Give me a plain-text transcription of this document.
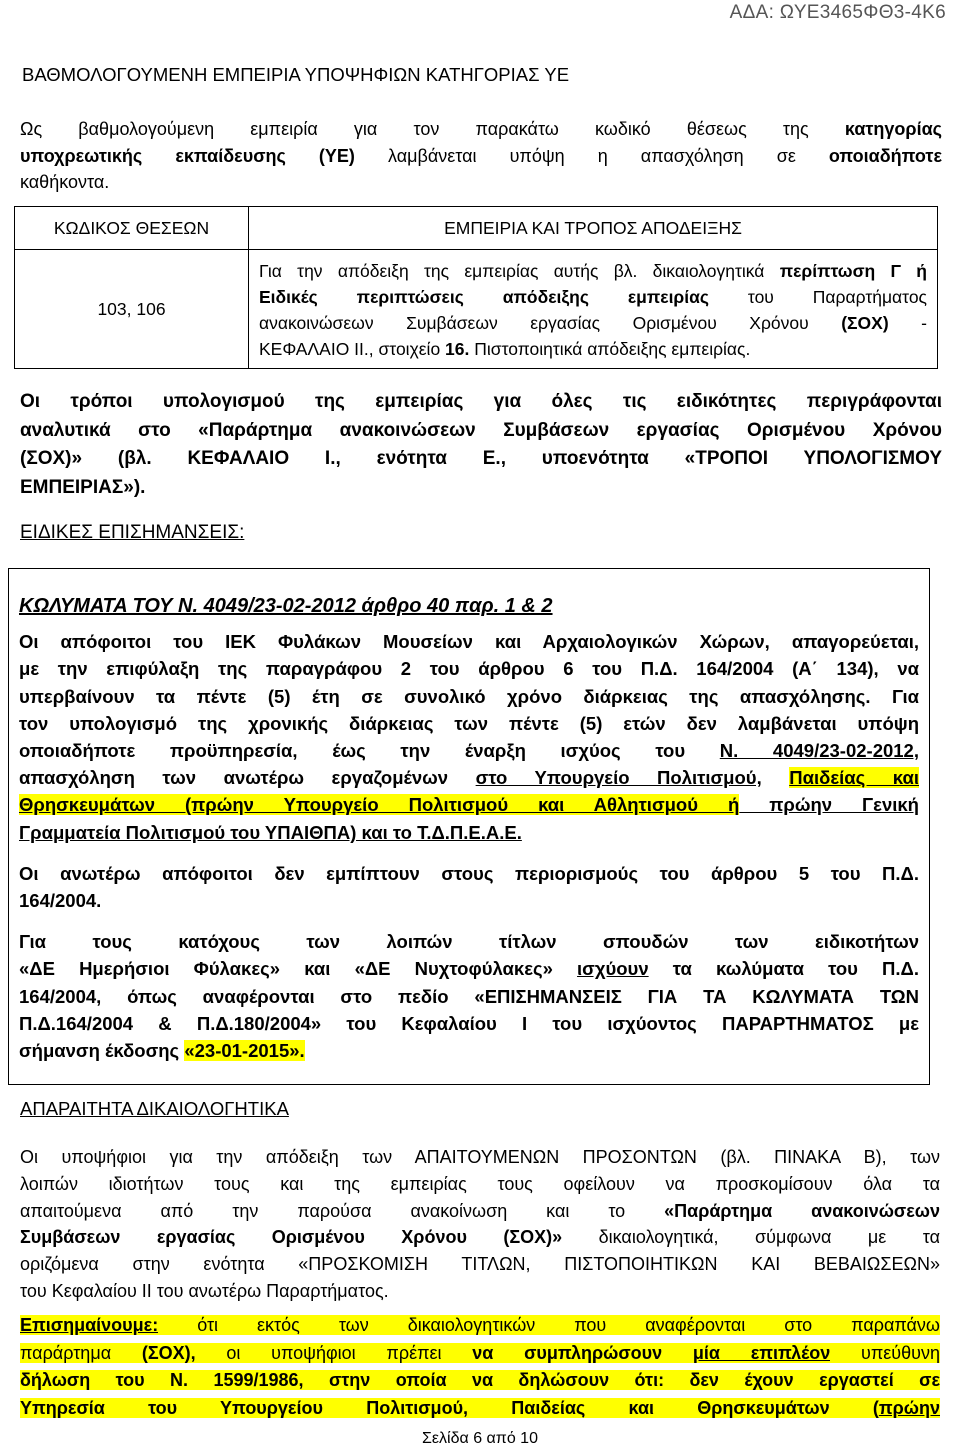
ΑΔΑ: ΩΥΕ3465ΦΘ3-4Κ6
ΒΑΘΜΟΛΟΓΟΥΜΕΝΗ ΕΜΠΕΙΡΙΑ ΥΠΟΨΗΦΙΩΝ ΚΑΤΗΓΟΡΙΑΣ ΥΕ
Ως βαθμολογούμενη εμπειρία για τον παρακάτω κωδικό θέσεως της κατηγορίας
υποχρεωτικής εκπαίδευσης (ΥΕ) λαμβάνεται υπόψη η απασχόληση σε οποιαδήποτε
καθήκοντα.
ΚΩΔΙΚΟΣ ΘΕΣΕΩΝ	ΕΜΠΕΙΡΙΑ ΚΑΙ ΤΡΟΠΟΣ ΑΠΟΔΕΙΞΗΣ
103, 106	Για την απόδειξη της εμπειρίας αυτής βλ. δικαιολογητικά περίπτωση Γ ή
Ειδικές περιπτώσεις απόδειξης εμπειρίας του Παραρτήματος
ανακοινώσεων Συμβάσεων εργασίας Ορισμένου Χρόνου (ΣΟΧ) -
ΚΕΦΑΛΑΙΟ ΙΙ., στοιχείο 16. Πιστοποιητικά απόδειξης εμπειρίας.
Οι τρόποι υπολογισμού της εμπειρίας για όλες τις ειδικότητες περιγράφονται
αναλυτικά στο «Παράρτημα ανακοινώσεων Συμβάσεων εργασίας Ορισμένου Χρόνου
(ΣΟΧ)» (βλ. ΚΕΦΑΛΑΙΟ Ι., ενότητα Ε., υποενότητα «ΤΡΟΠΟΙ ΥΠΟΛΟΓΙΣΜΟΥ
ΕΜΠΕΙΡΙΑΣ»).
ΕΙΔΙΚΕΣ ΕΠΙΣΗΜΑΝΣΕΙΣ:
ΚΩΛΥΜΑΤΑ ΤΟΥ Ν. 4049/23-02-2012 άρθρο 40 παρ. 1 & 2
Οι απόφοιτοι του ΙΕΚ Φυλάκων Μουσείων και Αρχαιολογικών Χώρων, απαγορεύεται,
με την επιφύλαξη της παραγράφου 2 του άρθρου 6 του Π.Δ. 164/2004 (Α΄ 134), να
υπερβαίνουν τα πέντε (5) έτη σε συνολικό χρόνο διάρκειας της απασχόλησης. Για
τον υπολογισμό της χρονικής διάρκειας των πέντε (5) ετών δεν λαμβάνεται υπόψη
οποιαδήποτε προϋπηρεσία, έως την έναρξη ισχύος του Ν. 4049/23-02-2012,
απασχόληση των ανωτέρω εργαζομένων στο Υπουργείο Πολιτισμού, Παιδείας και
Θρησκευμάτων (πρώην Υπουργείο Πολιτισμού και Αθλητισμού ή πρώην Γενική
Γραμματεία Πολιτισμού του ΥΠΑΙΘΠΑ) και το Τ.Δ.Π.Ε.Α.Ε.
Οι ανωτέρω απόφοιτοι δεν εμπίπτουν στους περιορισμούς του άρθρου 5 του Π.Δ.
164/2004.
Για τους κατόχους των λοιπών τίτλων σπουδών των ειδικοτήτων
«ΔΕ Ημερήσιοι Φύλακες» και «ΔΕ Νυχτοφύλακες» ισχύουν τα κωλύματα του Π.Δ.
164/2004, όπως αναφέρονται στο πεδίο «ΕΠΙΣΗΜΑΝΣΕΙΣ ΓΙΑ ΤΑ ΚΩΛΥΜΑΤΑ ΤΩΝ
Π.Δ.164/2004 & Π.Δ.180/2004» του Κεφαλαίου Ι του ισχύοντος ΠΑΡΑΡΤΗΜΑΤΟΣ με
σήμανση έκδοσης «23-01-2015».
ΑΠΑΡΑΙΤΗΤΑ ΔΙΚΑΙΟΛΟΓΗΤΙΚΑ
Οι υποψήφιοι για την απόδειξη των ΑΠΑΙΤΟΥΜΕΝΩΝ ΠΡΟΣΟΝΤΩΝ (βλ. ΠΙΝΑΚΑ Β), των
λοιπών ιδιοτήτων τους και της εμπειρίας τους οφείλουν να προσκομίσουν όλα τα
απαιτούμενα από την παρούσα ανακοίνωση και το «Παράρτημα ανακοινώσεων
Συμβάσεων εργασίας Ορισμένου Χρόνου (ΣΟΧ)» δικαιολογητικά, σύμφωνα με τα
οριζόμενα στην ενότητα «ΠΡΟΣΚΟΜΙΣΗ ΤΙΤΛΩΝ, ΠΙΣΤΟΠΟΙΗΤΙΚΩΝ ΚΑΙ ΒΕΒΑΙΩΣΕΩΝ»
του Κεφαλαίου ΙΙ του ανωτέρω Παραρτήματος.
Επισημαίνουμε: ότι εκτός των δικαιολογητικών που αναφέρονται στο παραπάνω
παράρτημα (ΣΟΧ), οι υποψήφιοι πρέπει να συμπληρώσουν μία επιπλέον υπεύθυνη
δήλωση του Ν. 1599/1986, στην οποία να δηλώσουν ότι: δεν έχουν εργαστεί σε
Υπηρεσία του Υπουργείου Πολιτισμού, Παιδείας και Θρησκευμάτων (πρώην
Σελίδα 6 από 10
